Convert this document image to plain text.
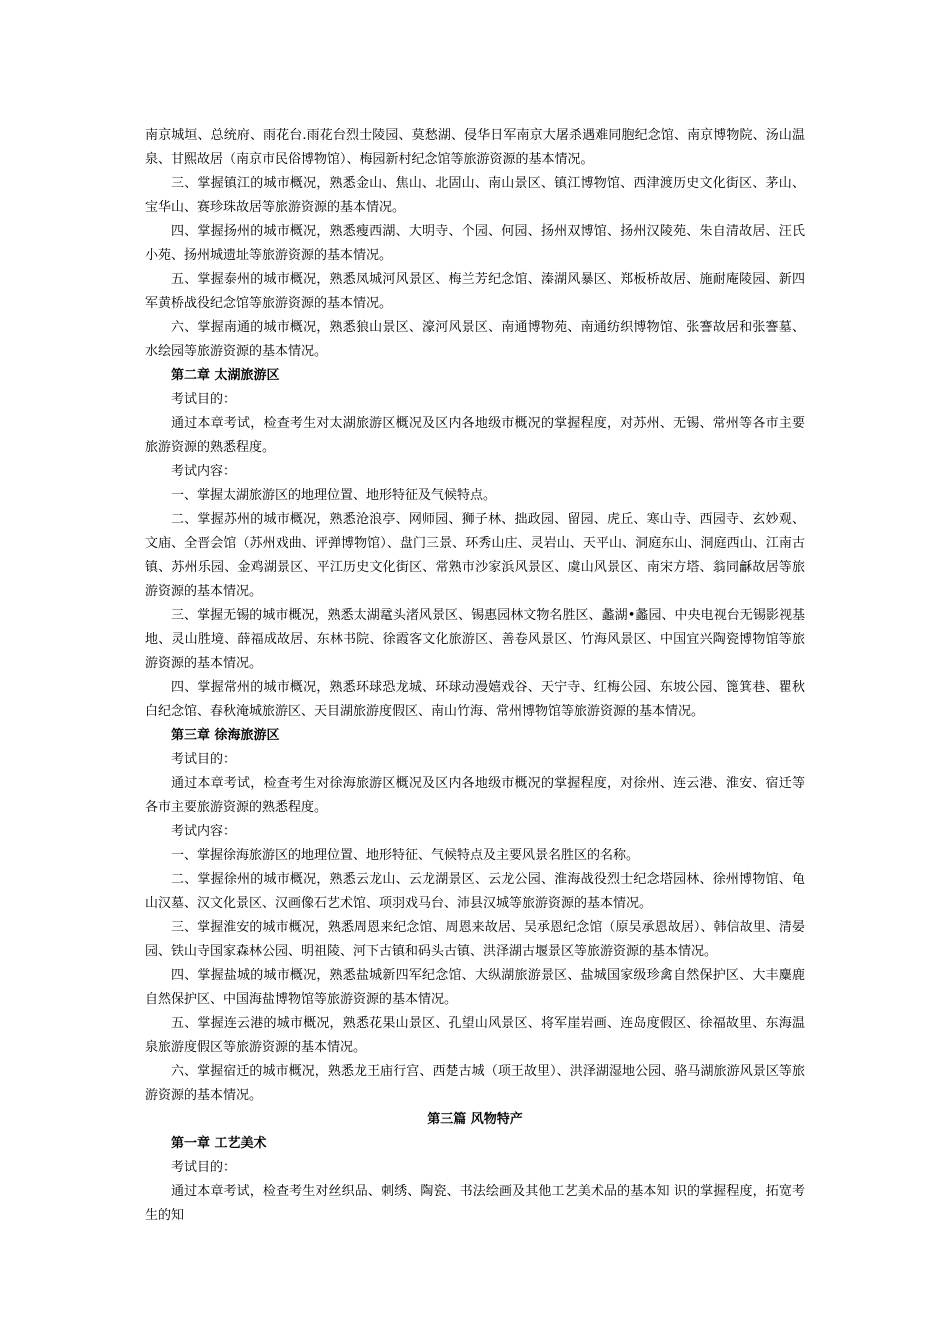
南京城垣、总统府、雨花台.雨花台烈士陵园、莫愁湖、侵华日军南京大屠杀遇难同胞纪念馆、南京博物院、汤山温泉、甘熙故居（南京市民俗博物馆）、梅园新村纪念馆等旅游资源的基本情况。

三、掌握镇江的城市概况，熟悉金山、焦山、北固山、南山景区、镇江博物馆、西津渡历史文化街区、茅山、宝华山、赛珍珠故居等旅游资源的基本情况。

四、掌握扬州的城市概况，熟悉瘦西湖、大明寺、个园、何园、扬州双博馆、扬州汉陵苑、朱自清故居、汪氏小苑、扬州城遗址等旅游资源的基本情况。

五、掌握泰州的城市概况，熟悉凤城河风景区、梅兰芳纪念馆、溱湖风暴区、郑板桥故居、施耐庵陵园、新四军黄桥战役纪念馆等旅游资源的基本情况。

六、掌握南通的城市概况，熟悉狼山景区、濠河风景区、南通博物苑、南通纺织博物馆、张謇故居和张謇墓、水绘园等旅游资源的基本情况。

第二章 太湖旅游区

考试目的：

通过本章考试，检查考生对太湖旅游区概况及区内各地级市概况的掌握程度，对苏州、无锡、常州等各市主要旅游资源的熟悉程度。

考试内容：

一、掌握太湖旅游区的地理位置、地形特征及气候特点。

二、掌握苏州的城市概况，熟悉沧浪亭、网师园、狮子林、拙政园、留园、虎丘、寒山寺、西园寺、玄妙观、文庙、全晋会馆（苏州戏曲、评弹博物馆）、盘门三景、环秀山庄、灵岩山、天平山、洞庭东山、洞庭西山、江南古镇、苏州乐园、金鸡湖景区、平江历史文化街区、常熟市沙家浜风景区、虞山风景区、南宋方塔、翁同龢故居等旅游资源的基本情况。

三、掌握无锡的城市概况，熟悉太湖鼋头渚风景区、锡惠园林文物名胜区、蠡湖•蠡园、中央电视台无锡影视基地、灵山胜境、薛福成故居、东林书院、徐霞客文化旅游区、善卷风景区、竹海风景区、中国宜兴陶瓷博物馆等旅游资源的基本情况。

四、掌握常州的城市概况，熟悉环球恐龙城、环球动漫嬉戏谷、天宁寺、红梅公园、东坡公园、篦箕巷、瞿秋白纪念馆、春秋淹城旅游区、天目湖旅游度假区、南山竹海、常州博物馆等旅游资源的基本情况。

第三章 徐海旅游区

考试目的：

通过本章考试，检查考生对徐海旅游区概况及区内各地级市概况的掌握程度，对徐州、连云港、淮安、宿迁等各市主要旅游资源的熟悉程度。

考试内容：

一、掌握徐海旅游区的地理位置、地形特征、气候特点及主要风景名胜区的名称。

二、掌握徐州的城市概况，熟悉云龙山、云龙湖景区、云龙公园、淮海战役烈士纪念塔园林、徐州博物馆、龟山汉墓、汉文化景区、汉画像石艺术馆、项羽戏马台、沛县汉城等旅游资源的基本情况。

三、掌握淮安的城市概况，熟悉周恩来纪念馆、周恩来故居、吴承恩纪念馆（原吴承恩故居）、韩信故里、清晏园、铁山寺国家森林公园、明祖陵、河下古镇和码头古镇、洪泽湖古堰景区等旅游资源的基本情况。

四、掌握盐城的城市概况，熟悉盐城新四军纪念馆、大纵湖旅游景区、盐城国家级珍禽自然保护区、大丰麋鹿自然保护区、中国海盐博物馆等旅游资源的基本情况。

五、掌握连云港的城市概况，熟悉花果山景区、孔望山风景区、将军崖岩画、连岛度假区、徐福故里、东海温泉旅游度假区等旅游资源的基本情况。

六、掌握宿迁的城市概况，熟悉龙王庙行宫、西楚古城（项王故里）、洪泽湖湿地公园、骆马湖旅游风景区等旅游资源的基本情况。

第三篇 风物特产

第一章 工艺美术

考试目的：

通过本章考试，检查考生对丝织品、刺绣、陶瓷、书法绘画及其他工艺美术品的基本知 识的掌握程度，拓宽考生的知
